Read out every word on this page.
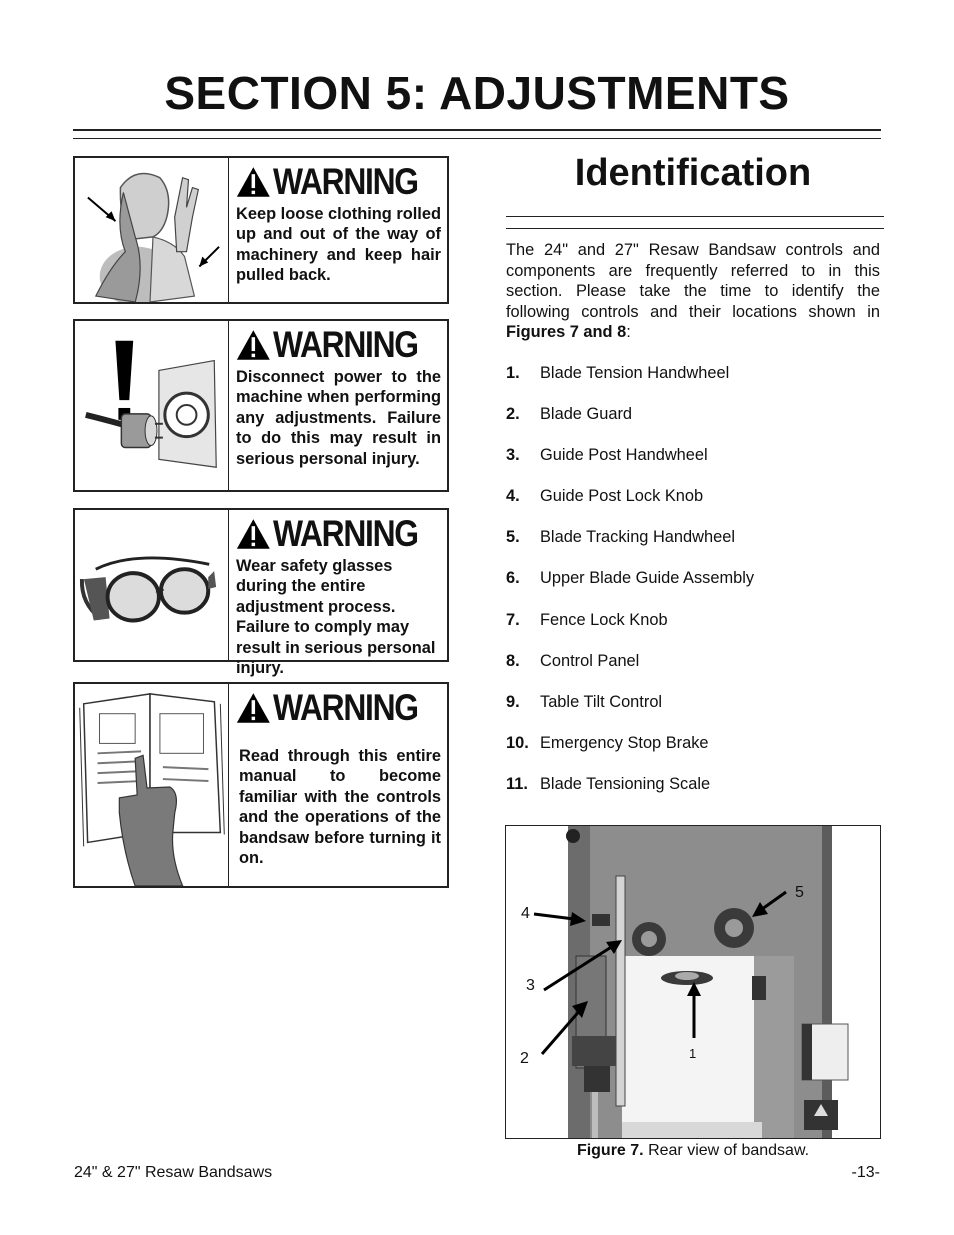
SECTION 5: ADJUSTMENTS
WARNING
Keep loose clothing rolled up and out of the way of machinery and keep hair pulled back.
WARNING
Disconnect power to the machine when performing any adjustments. Failure to do this may result in serious personal injury.
WARNING
Wear safety glasses during the entire adjustment process. Failure to comply may result in serious personal injury.
WARNING
Read through this entire manual to become familiar with the controls and the operations of the bandsaw before turning it on.
Identification

The 24" and 27" Resaw Bandsaw controls and components are frequently referred to in this section. Please take the time to identify the following controls and their locations shown in Figures 7 and 8:

1.	Blade Tension Handwheel
2.	Blade Guard
3.	Guide Post Handwheel
4.	Guide Post Lock Knob
5.	Blade Tracking Handwheel
6.	Upper Blade Guide Assembly
7.	Fence Lock Knob
8.	Control Panel
9.	Table Tilt Control
10. Emergency Stop Brake
11. Blade Tensioning Scale
1
2
3
4
5
Figure 7. Rear view of bandsaw.
24" & 27" Resaw Bandsaws	-13-
